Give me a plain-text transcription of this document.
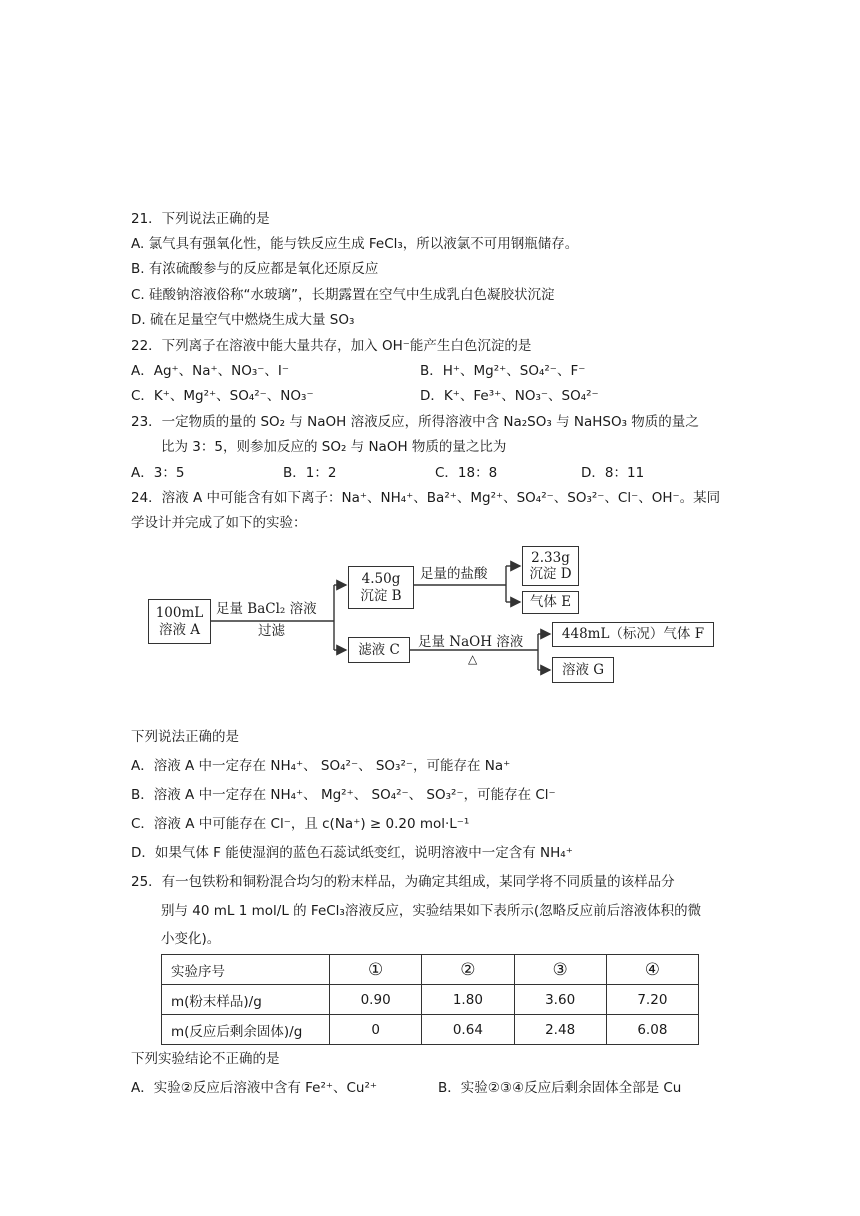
21．下列说法正确的是
A. 氯气具有强氧化性，能与铁反应生成 FeCl₃，所以液氯不可用钢瓶储存。
B. 有浓硫酸参与的反应都是氧化还原反应
C. 硅酸钠溶液俗称“水玻璃”，长期露置在空气中生成乳白色凝胶状沉淀
D. 硫在足量空气中燃烧生成大量 SO₃
22．下列离子在溶液中能大量共存，加入 OH⁻能产生白色沉淀的是
A．Ag⁺、Na⁺、NO₃⁻、I⁻	B．H⁺、Mg²⁺、SO₄²⁻、F⁻
C．K⁺、Mg²⁺、SO₄²⁻、NO₃⁻	D．K⁺、Fe³⁺、NO₃⁻、SO₄²⁻
23．一定物质的量的 SO₂ 与 NaOH 溶液反应，所得溶液中含 Na₂SO₃ 与 NaHSO₃ 物质的量之
比为 3：5，则参加反应的 SO₂ 与 NaOH 物质的量之比为
A．3：5	B．1：2	C．18：8	D．8：11
24．溶液 A 中可能含有如下离子：Na⁺、NH₄⁺、Ba²⁺、Mg²⁺、SO₄²⁻、SO₃²⁻、Cl⁻、OH⁻。某同
学设计并完成了如下的实验：
100mL
溶液 A
足量 BaCl₂ 溶液
过滤
4.50g
沉淀 B
足量的盐酸
2.33g
沉淀 D
气体 E
滤液 C 足量 NaOH 溶液
△
448mL（标况）气体 F
溶液 G
下列说法正确的是
A．溶液 A 中一定存在 NH₄⁺、 SO₄²⁻、 SO₃²⁻，可能存在 Na⁺
B．溶液 A 中一定存在 NH₄⁺、 Mg²⁺、 SO₄²⁻、 SO₃²⁻，可能存在 Cl⁻
C．溶液 A 中可能存在 Cl⁻，且 c(Na⁺) ≥ 0.20 mol·L⁻¹
D．如果气体 F 能使湿润的蓝色石蕊试纸变红，说明溶液中一定含有 NH₄⁺
25．有一包铁粉和铜粉混合均匀的粉末样品，为确定其组成，某同学将不同质量的该样品分
别与 40 mL 1 mol/L 的 FeCl₃溶液反应，实验结果如下表所示(忽略反应前后溶液体积的微
小变化)。
实验序号	①	②	③	④
m(粉末样品)/g	0.90	1.80	3.60	7.20
m(反应后剩余固体)/g	0	0.64	2.48	6.08
下列实验结论不正确的是
A．实验②反应后溶液中含有 Fe²⁺、Cu²⁺	B．实验②③④反应后剩余固体全部是 Cu
